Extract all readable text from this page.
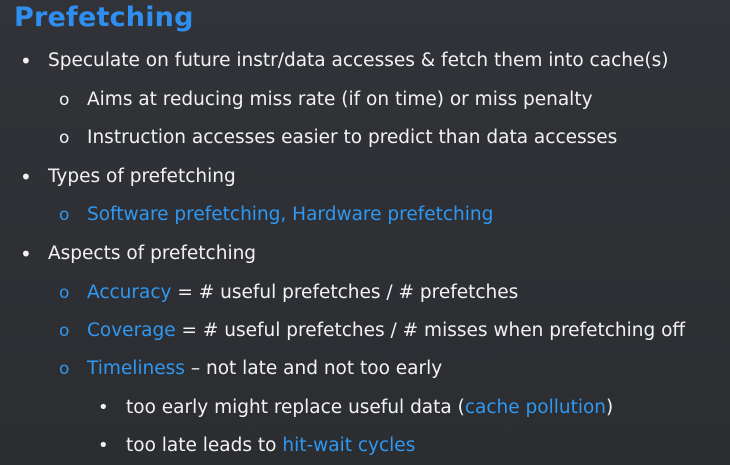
Prefetching
• Speculate on future instr/data accesses & fetch them into cache(s)
o Aims at reducing miss rate (if on time) or miss penalty
o Instruction accesses easier to predict than data accesses
• Types of prefetching
o Software prefetching, Hardware prefetching
• Aspects of prefetching
o Accuracy = # useful prefetches / # prefetches
o Coverage = # useful prefetches / # misses when prefetching off
o Timeliness – not late and not too early
• too early might replace useful data (cache pollution)
• too late leads to hit-wait cycles
